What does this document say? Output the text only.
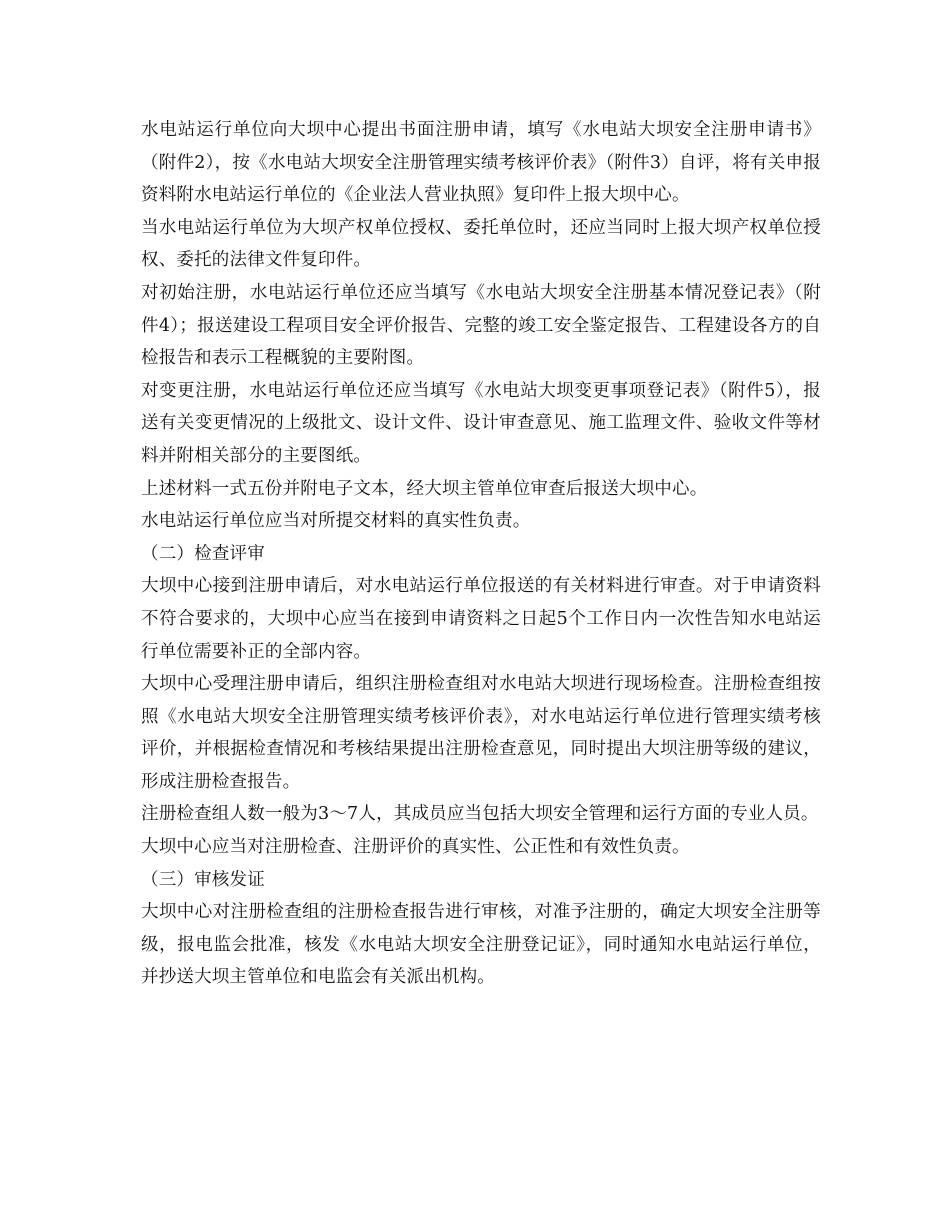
水电站运行单位向大坝中心提出书面注册申请，填写《水电站大坝安全注册申请书》（附件2），按《水电站大坝安全注册管理实绩考核评价表》（附件3）自评，将有关申报资料附水电站运行单位的《企业法人营业执照》复印件上报大坝中心。

当水电站运行单位为大坝产权单位授权、委托单位时，还应当同时上报大坝产权单位授权、委托的法律文件复印件。

对初始注册，水电站运行单位还应当填写《水电站大坝安全注册基本情况登记表》（附件4）；报送建设工程项目安全评价报告、完整的竣工安全鉴定报告、工程建设各方的自检报告和表示工程概貌的主要附图。

对变更注册，水电站运行单位还应当填写《水电站大坝变更事项登记表》（附件5），报送有关变更情况的上级批文、设计文件、设计审查意见、施工监理文件、验收文件等材料并附相关部分的主要图纸。

上述材料一式五份并附电子文本，经大坝主管单位审查后报送大坝中心。

水电站运行单位应当对所提交材料的真实性负责。

（二）检查评审

大坝中心接到注册申请后，对水电站运行单位报送的有关材料进行审查。对于申请资料不符合要求的，大坝中心应当在接到申请资料之日起5个工作日内一次性告知水电站运行单位需要补正的全部内容。

大坝中心受理注册申请后，组织注册检查组对水电站大坝进行现场检查。注册检查组按照《水电站大坝安全注册管理实绩考核评价表》，对水电站运行单位进行管理实绩考核评价，并根据检查情况和考核结果提出注册检查意见，同时提出大坝注册等级的建议，形成注册检查报告。

注册检查组人数一般为3～7人，其成员应当包括大坝安全管理和运行方面的专业人员。

大坝中心应当对注册检查、注册评价的真实性、公正性和有效性负责。

（三）审核发证

大坝中心对注册检查组的注册检查报告进行审核，对准予注册的，确定大坝安全注册等级，报电监会批准，核发《水电站大坝安全注册登记证》，同时通知水电站运行单位，并抄送大坝主管单位和电监会有关派出机构。
